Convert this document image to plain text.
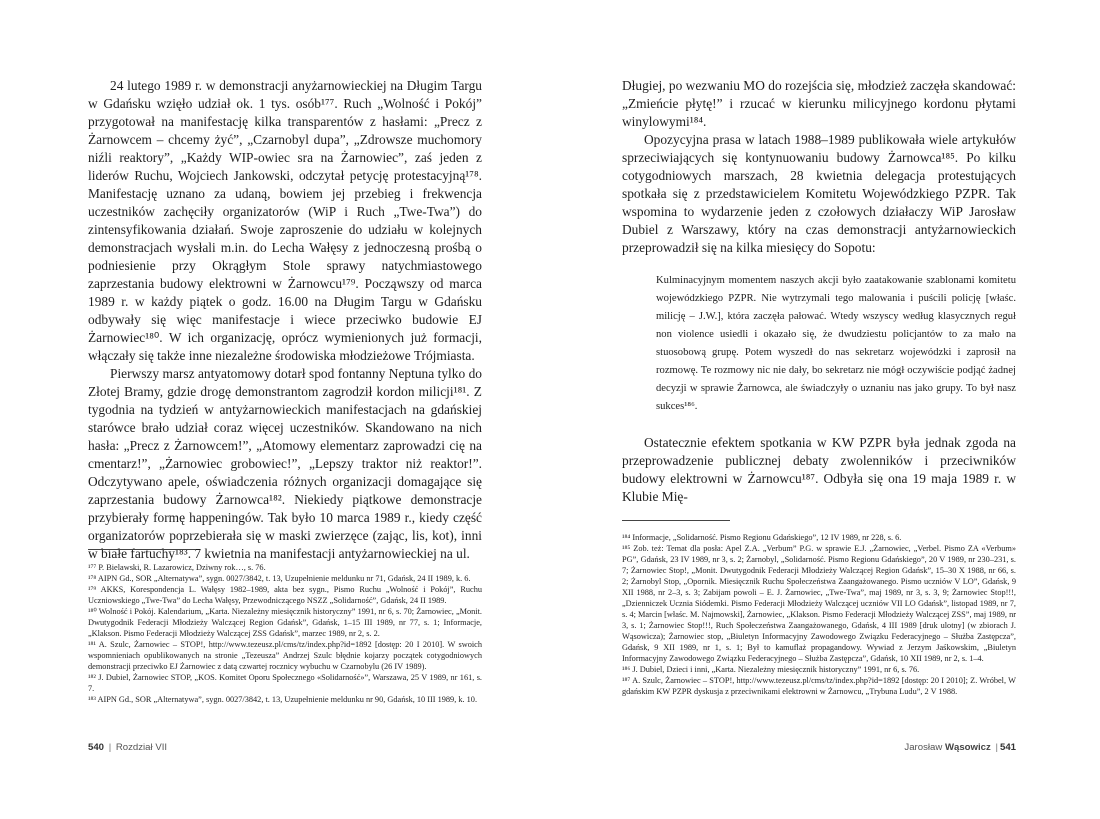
24 lutego 1989 r. w demonstracji anyżarnowieckiej na Długim Targu w Gdańsku wzięło udział ok. 1 tys. osób¹⁷⁷. Ruch „Wolność i Pokój” przygotował na manifestację kilka transparentów z hasłami: „Precz z Żarnowcem – chcemy żyć”, „Czarnobyl dupa”, „Zdrowsze muchomory niźli reaktory”, „Każdy WIP-owiec sra na Żarnowiec”, zaś jeden z liderów Ruchu, Wojciech Jankowski, odczytał petycję protestacyjną¹⁷⁸. Manifestację uznano za udaną, bowiem jej przebieg i frekwencja uczestników zachęciły organizatorów (WiP i Ruch „Twe-Twa”) do zintensyfikowania działań. Swoje zaproszenie do udziału w kolejnych demonstracjach wysłali m.in. do Lecha Wałęsy z jednoczesną prośbą o podniesienie przy Okrągłym Stole sprawy natychmiastowego zaprzestania budowy elektrowni w Żarnowcu¹⁷⁹. Począwszy od marca 1989 r. w każdy piątek o godz. 16.00 na Długim Targu w Gdańsku odbywały się więc manifestacje i wiece przeciwko budowie EJ Żarnowiec¹⁸⁰. W ich organizację, oprócz wymienionych już formacji, włączały się także inne niezależne środowiska młodzieżowe Trójmiasta.

Pierwszy marsz antyatomowy dotarł spod fontanny Neptuna tylko do Złotej Bramy, gdzie drogę demonstrantom zagrodził kordon milicji¹⁸¹. Z tygodnia na tydzień w antyżarnowieckich manifestacjach na gdańskiej starówce brało udział coraz więcej uczestników. Skandowano na nich hasła: „Precz z Żarnowcem!”, „Atomowy elementarz zaprowadzi cię na cmentarz!”, „Żarnowiec grobowiec!”, „Lepszy traktor niż reaktor!”. Odczytywano apele, oświadczenia różnych organizacji domagające się zaprzestania budowy Żarnowca¹⁸². Niekiedy piątkowe demonstracje przybierały formę happeningów. Tak było 10 marca 1989 r., kiedy część organizatorów poprzebierała się w maski zwierzęce (zając, lis, kot), inni w białe fartuchy¹⁸³. 7 kwietnia na manifestacji antyżarnowieckiej na ul.

¹⁷⁷ P. Bielawski, R. Lazarowicz, Dziwny rok…, s. 76.

¹⁷⁸ AIPN Gd., SOR „Alternatywa”, sygn. 0027/3842, t. 13, Uzupełnienie meldunku nr 71, Gdańsk, 24 II 1989, k. 6.

¹⁷⁹ AKKS, Korespondencja L. Wałęsy 1982–1989, akta bez sygn., Pismo Ruchu „Wolność i Pokój”, Ruchu Uczniowskiego „Twe-Twa” do Lecha Wałęsy, Przewodniczącego NSZZ „Solidarność”, Gdańsk, 24 II 1989.

¹⁸⁰ Wolność i Pokój. Kalendarium, „Karta. Niezależny miesięcznik historyczny” 1991, nr 6, s. 70; Żarnowiec, „Monit. Dwutygodnik Federacji Młodzieży Walczącej Region Gdańsk”, Gdańsk, 1–15 III 1989, nr 77, s. 1; Informacje, „Klakson. Pismo Federacji Młodzieży Walczącej ZSS Gdańsk”, marzec 1989, nr 2, s. 2.

¹⁸¹ A. Szulc, Żarnowiec – STOP!, http://www.tezeusz.pl/cms/tz/index.php?id=1892 [dostęp: 20 I 2010]. W swoich wspomnieniach opublikowanych na stronie „Tezeusza” Andrzej Szulc błędnie kojarzy początek cotygodniowych demonstracji przeciwko EJ Żarnowiec z datą czwartej rocznicy wybuchu w Czarnobylu (26 IV 1989).

¹⁸² J. Dubiel, Żarnowiec STOP, „KOS. Komitet Oporu Społecznego «Solidarność»”, Warszawa, 25 V 1989, nr 161, s. 7.

¹⁸³ AIPN Gd., SOR „Alternatywa”, sygn. 0027/3842, t. 13, Uzupełnienie meldunku nr 90, Gdańsk, 10 III 1989, k. 10.

540 | Rozdział VII

Długiej, po wezwaniu MO do rozejścia się, młodzież zaczęła skandować: „Zmieńcie płytę!” i rzucać w kierunku milicyjnego kordonu płytami winylowymi¹⁸⁴.

Opozycyjna prasa w latach 1988–1989 publikowała wiele artykułów sprzeciwiających się kontynuowaniu budowy Żarnowca¹⁸⁵. Po kilku cotygodniowych marszach, 28 kwietnia delegacja protestujących spotkała się z przedstawicielem Komitetu Wojewódzkiego PZPR. Tak wspomina to wydarzenie jeden z czołowych działaczy WiP Jarosław Dubiel z Warszawy, który na czas demonstracji antyżarnowieckich przeprowadził się na kilka miesięcy do Sopotu:

Kulminacyjnym momentem naszych akcji było zaatakowanie szablonami komitetu wojewódzkiego PZPR. Nie wytrzymali tego malowania i puścili policję [właśc. milicję – J.W.], która zaczęła pałować. Wtedy wszyscy według klasycznych reguł non violence usiedli i okazało się, że dwudziestu policjantów to za mało na stuosobową grupę. Potem wyszedł do nas sekretarz wojewódzki i zaprosił na rozmowę. Te rozmowy nic nie dały, bo sekretarz nie mógł oczywiście podjąć żadnej decyzji w sprawie Żarnowca, ale świadczyły o uznaniu nas jako grupy. To był nasz sukces¹⁸⁶.

Ostatecznie efektem spotkania w KW PZPR była jednak zgoda na przeprowadzenie publicznej debaty zwolenników i przeciwników budowy elektrowni w Żarnowcu¹⁸⁷. Odbyła się ona 19 maja 1989 r. w Klubie Mię-

¹⁸⁴ Informacje, „Solidarność. Pismo Regionu Gdańskiego”, 12 IV 1989, nr 228, s. 6.

¹⁸⁵ Zob. też: Temat dla posła: Apel Z.A. „Verbum” P.G. w sprawie E.J. „Żarnowiec, „Verbel. Pismo ZA «Verbum» PG”, Gdańsk, 23 IV 1989, nr 3, s. 2; Żarnobyl, „Solidarność. Pismo Regionu Gdańskiego”, 20 V 1989, nr 230–231, s. 7; Żarnowiec Stop!, „Monit. Dwutygodnik Federacji Młodzieży Walczącej Region Gdańsk”, 15–30 X 1988, nr 66, s. 2; Żarnobyl Stop, „Opornik. Miesięcznik Ruchu Społeczeństwa Zaangażowanego. Pismo uczniów V LO”, Gdańsk, 9 XII 1988, nr 2–3, s. 3; Zabijam powoli – E. J. Żarnowiec, „Twe-Twa”, maj 1989, nr 3, s. 3, 9; Żarnowiec Stop!!!, „Dzienniczek Ucznia Siódemki. Pismo Federacji Młodzieży Walczącej uczniów VII LO Gdańsk”, listopad 1989, nr 7, s. 4; Marcin [właśc. M. Najmowski], Żarnowiec, „Klakson. Pismo Federacji Młodzieży Walczącej ZSS”, maj 1989, nr 3, s. 1; Żarnowiec Stop!!!, Ruch Społeczeństwa Zaangażowanego, Gdańsk, 4 III 1989 [druk ulotny] (w zbiorach J. Wąsowicza); Żarnowiec stop, „Biuletyn Informacyjny Zawodowego Związku Federacyjnego – Służba Zastępcza”, Gdańsk, 9 XII 1989, nr 1, s. 1; Był to kamuflaż propagandowy. Wywiad z Jerzym Jaśkowskim, „Biuletyn Informacyjny Zawodowego Związku Federacyjnego – Służba Zastępcza”, Gdańsk, 10 XII 1989, nr 2, s. 1–4.

¹⁸⁶ J. Dubiel, Dzieci i inni, „Karta. Niezależny miesięcznik historyczny” 1991, nr 6, s. 76.

¹⁸⁷ A. Szulc, Żarnowiec – STOP!, http://www.tezeusz.pl/cms/tz/index.php?id=1892 [dostęp: 20 I 2010]; Z. Wróbel, W gdańskim KW PZPR dyskusja z przeciwnikami elektrowni w Żarnowcu, „Trybuna Ludu”, 2 V 1988.

Jarosław Wąsowicz | 541
